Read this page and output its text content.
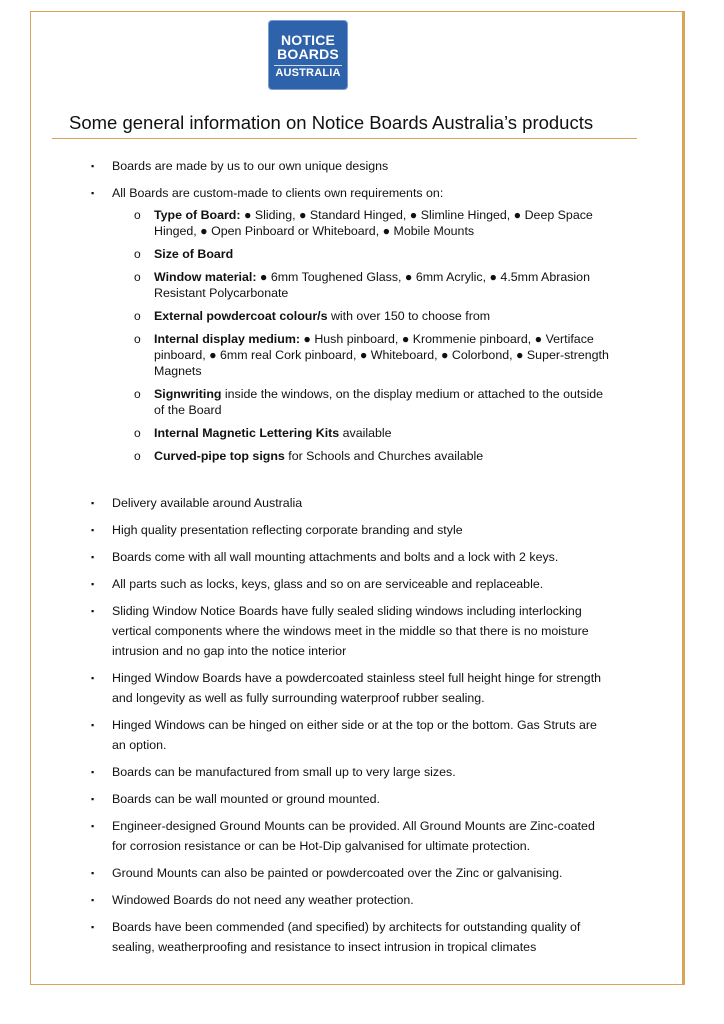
NOTICE
BOARDS
AUSTRALIA
Some general information on Notice Boards Australia’s products
▪ Boards are made by us to our own unique designs
▪ All Boards are custom-made to clients own requirements on:
o Type of Board: ● Sliding, ● Standard Hinged, ● Slimline Hinged, ● Deep Space Hinged, ● Open Pinboard or Whiteboard, ● Mobile Mounts
o Size of Board
o Window material: ● 6mm Toughened Glass, ● 6mm Acrylic, ● 4.5mm Abrasion Resistant Polycarbonate
o External powdercoat colour/s with over 150 to choose from
o Internal display medium: ● Hush pinboard, ● Krommenie pinboard, ● Vertiface pinboard, ● 6mm real Cork pinboard, ● Whiteboard, ● Colorbond, ● Super-strength Magnets
o Signwriting inside the windows, on the display medium or attached to the outside of the Board
o Internal Magnetic Lettering Kits available
o Curved-pipe top signs for Schools and Churches available
▪ Delivery available around Australia
▪ High quality presentation reflecting corporate branding and style
▪ Boards come with all wall mounting attachments and bolts and a lock with 2 keys.
▪ All parts such as locks, keys, glass and so on are serviceable and replaceable.
▪ Sliding Window Notice Boards have fully sealed sliding windows including interlocking vertical components where the windows meet in the middle so that there is no moisture intrusion and no gap into the notice interior
▪ Hinged Window Boards have a powdercoated stainless steel full height hinge for strength and longevity as well as fully surrounding waterproof rubber sealing.
▪ Hinged Windows can be hinged on either side or at the top or the bottom. Gas Struts are an option.
▪ Boards can be manufactured from small up to very large sizes.
▪ Boards can be wall mounted or ground mounted.
▪ Engineer-designed Ground Mounts can be provided. All Ground Mounts are Zinc-coated for corrosion resistance or can be Hot-Dip galvanised for ultimate protection.
▪ Ground Mounts can also be painted or powdercoated over the Zinc or galvanising.
▪ Windowed Boards do not need any weather protection.
▪ Boards have been commended (and specified) by architects for outstanding quality of sealing, weatherproofing and resistance to insect intrusion in tropical climates
